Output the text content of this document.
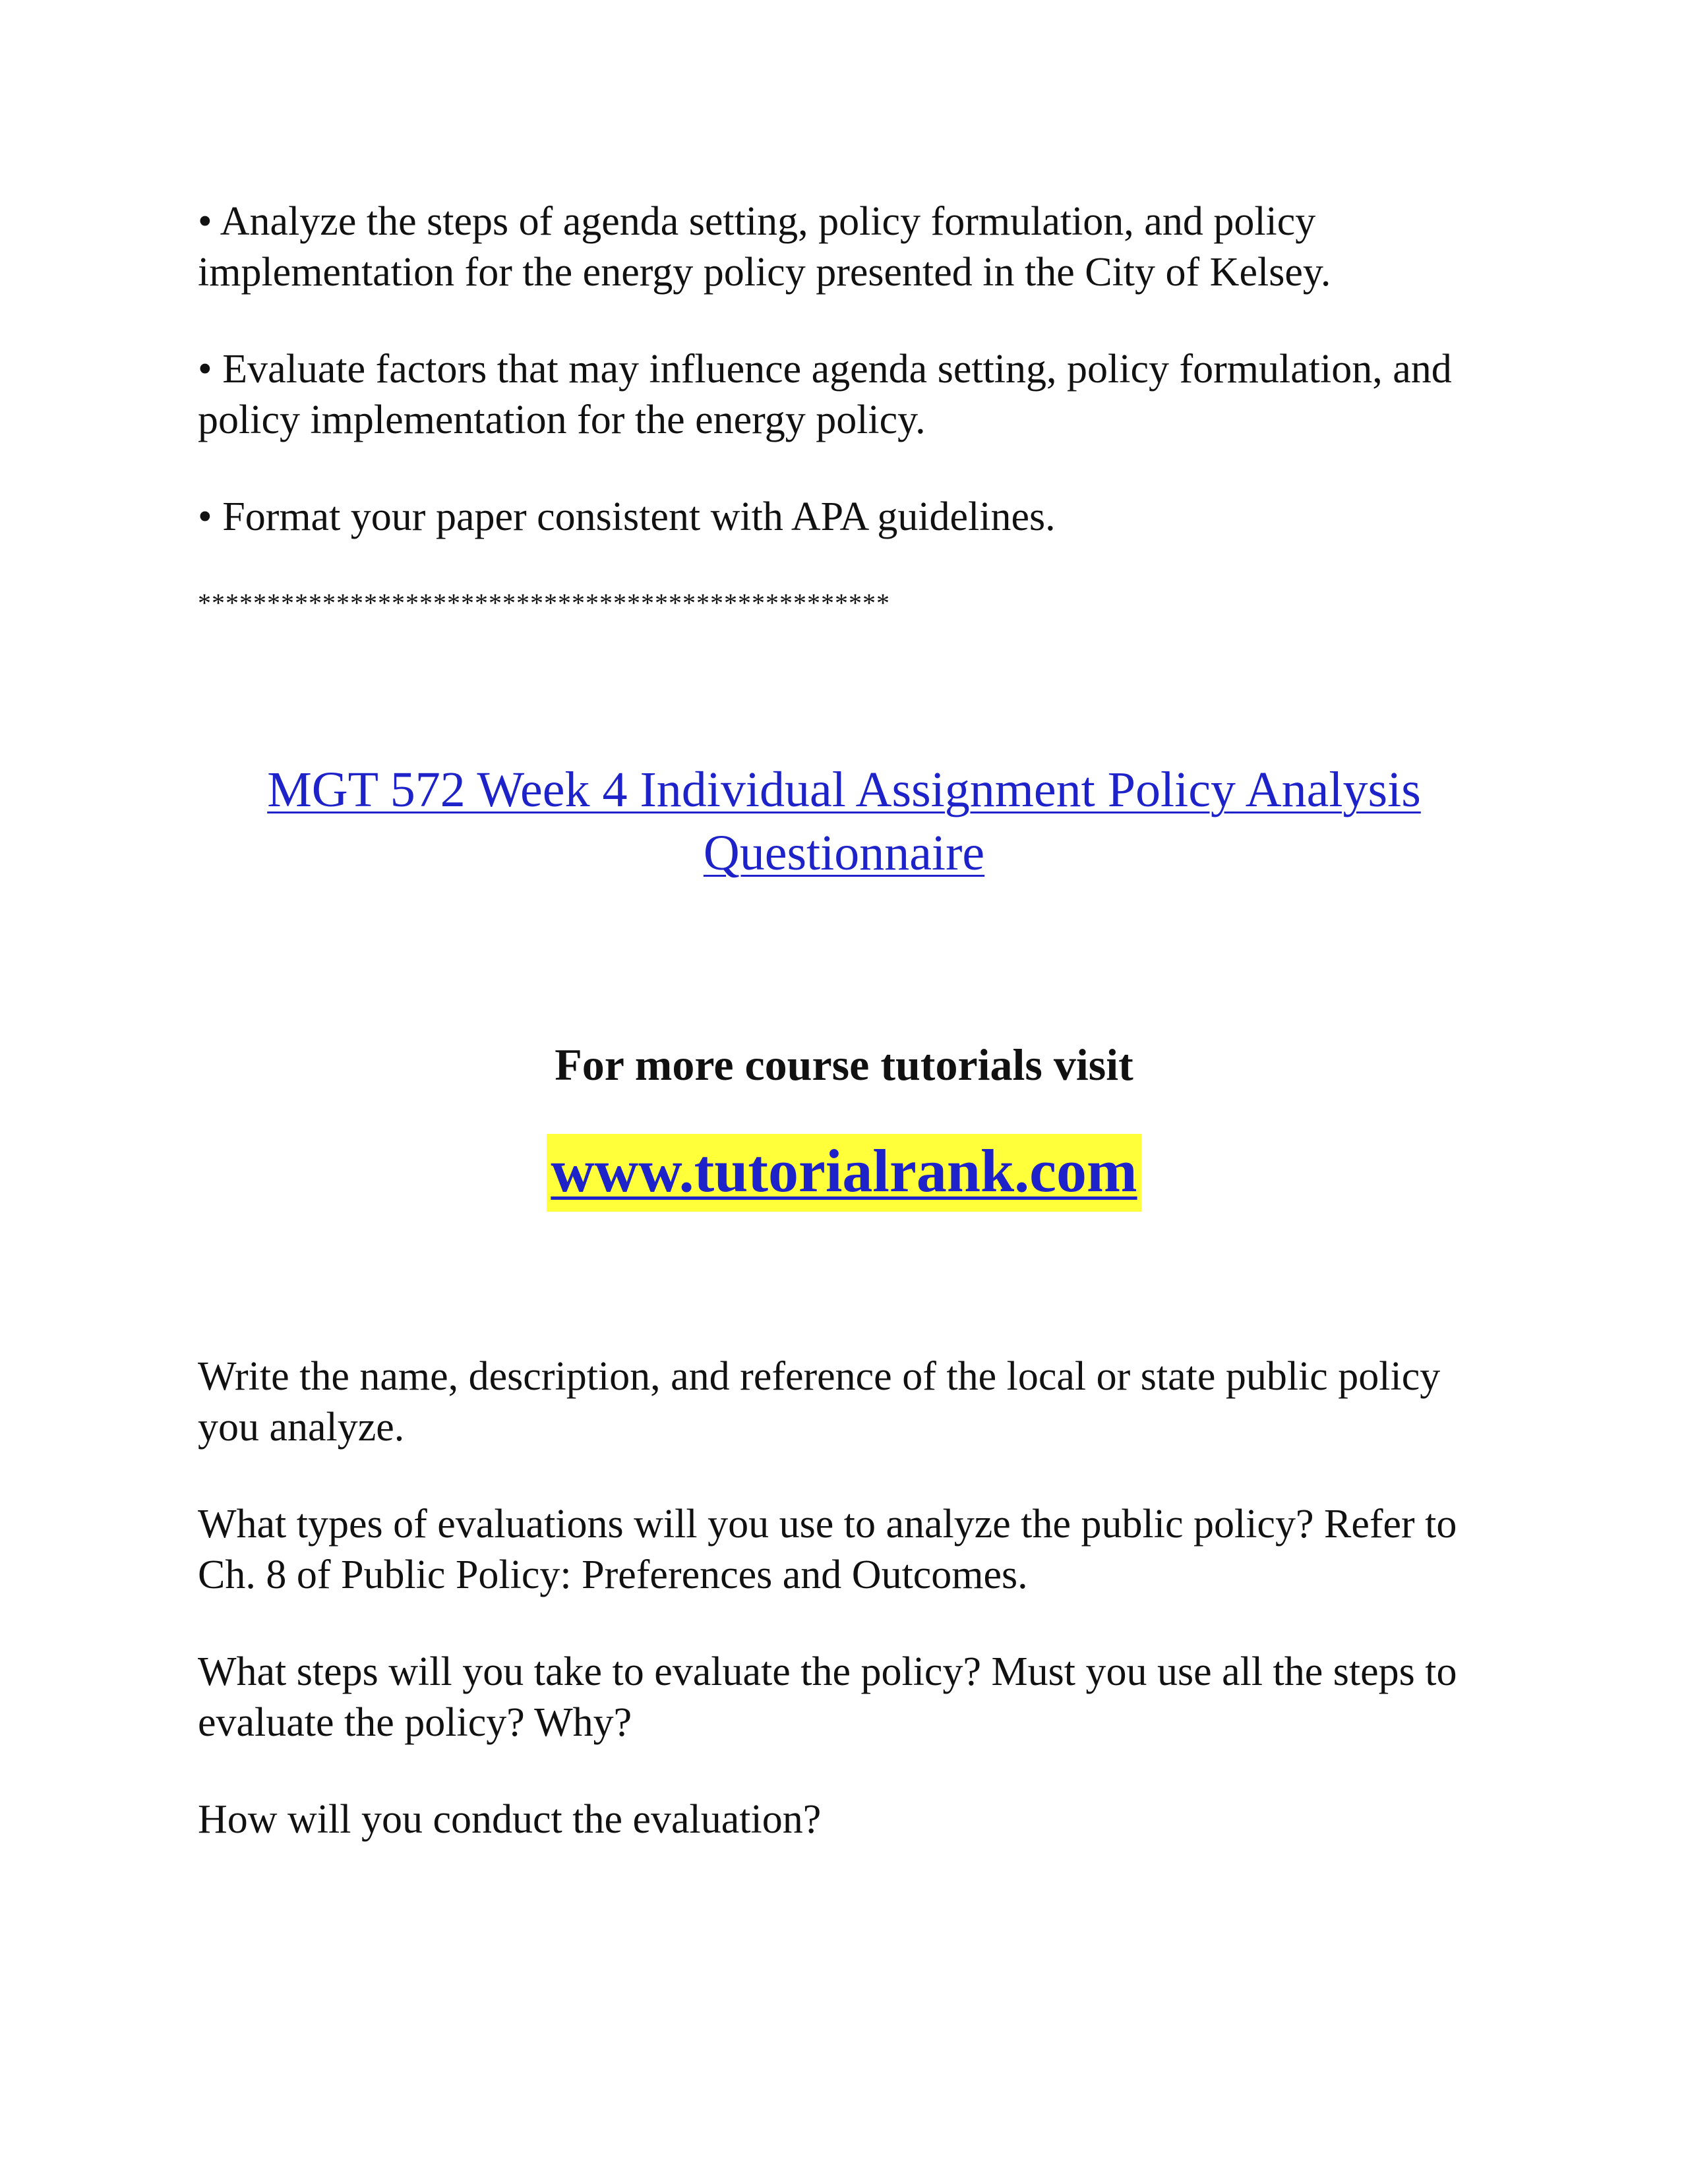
• Analyze the steps of agenda setting, policy formulation, and policy implementation for the energy policy presented in the City of Kelsey.

• Evaluate factors that may influence agenda setting, policy formulation, and policy implementation for the energy policy.

• Format your paper consistent with APA guidelines.

**************************************************
MGT 572 Week 4 Individual Assignment Policy Analysis Questionnaire
For more course tutorials visit
www.tutorialrank.com

Write the name, description, and reference of the local or state public policy you analyze.

What types of evaluations will you use to analyze the public policy? Refer to Ch. 8 of Public Policy: Preferences and Outcomes.

What steps will you take to evaluate the policy? Must you use all the steps to evaluate the policy? Why?

How will you conduct the evaluation?
